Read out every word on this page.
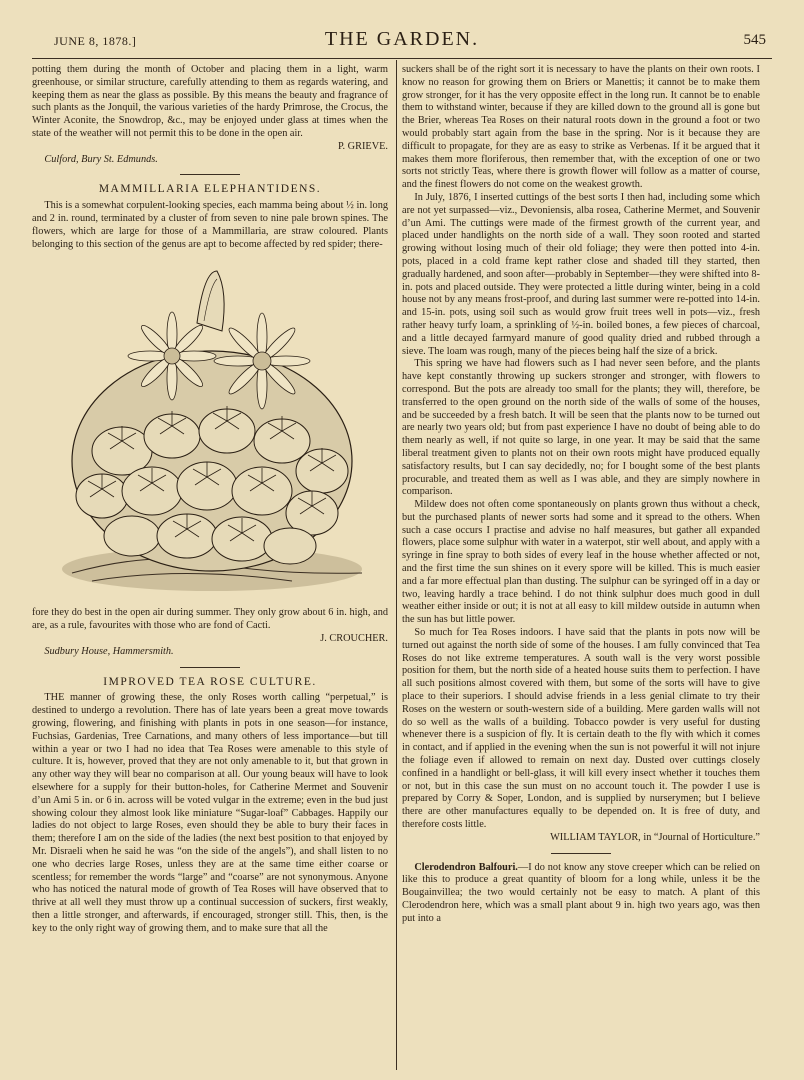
JUNE 8, 1878.]	THE GARDEN.	545

potting them during the month of October and placing them in a light, warm greenhouse, or similar structure, carefully attending to them as regards watering, and keeping them as near the glass as possible. By this means the beauty and fragrance of such plants as the Jonquil, the various varieties of the hardy Primrose, the Crocus, the Winter Aconite, the Snowdrop, &c., may be enjoyed under glass at times when the state of the weather will not permit this to be done in the open air.

P. GRIEVE.

Culford, Bury St. Edmunds.

MAMMILLARIA ELEPHANTIDENS.

This is a somewhat corpulent-looking species, each mamma being about ½ in. long and 2 in. round, terminated by a cluster of from seven to nine pale brown spines. The flowers, which are large for those of a Mammillaria, are straw coloured. Plants belonging to this section of the genus are apt to become affected by red spider; there-

fore they do best in the open air during summer. They only grow about 6 in. high, and are, as a rule, favourites with those who are fond of Cacti.

J. CROUCHER.

Sudbury House, Hammersmith.

IMPROVED TEA ROSE CULTURE.

THE manner of growing these, the only Roses worth calling “perpetual,” is destined to undergo a revolution. There has of late years been a great move towards growing, flowering, and finishing with plants in pots in one season—for instance, Fuchsias, Gardenias, Tree Carnations, and many others of less importance—but till within a year or two I had no idea that Tea Roses were amenable to this style of culture. It is, however, proved that they are not only amenable to it, but that grown in any other way they will bear no comparison at all. Our young beaux will have to look elsewhere for a supply for their button-holes, for Catherine Mermet and Souvenir d’un Ami 5 in. or 6 in. across will be voted vulgar in the extreme; even in the bud just showing colour they almost look like miniature “Sugar-loaf” Cabbages. Happily our ladies do not object to large Roses, even should they be able to bury their faces in them; therefore I am on the side of the ladies (the next best position to that enjoyed by Mr. Disraeli when he said he was “on the side of the angels”), and shall listen to no one who decries large Roses, unless they are at the same time either coarse or scentless; for remember the words “large” and “coarse” are not synonymous. Anyone who has noticed the natural mode of growth of Tea Roses will have observed that to thrive at all well they must throw up a continual succession of suckers, first weakly, then a little stronger, and afterwards, if encouraged, stronger still. This, then, is the key to the only right way of growing them, and to make sure that all the

suckers shall be of the right sort it is necessary to have the plants on their own roots. I know no reason for growing them on Briers or Manettis; it cannot be to make them grow stronger, for it has the very opposite effect in the long run. It cannot be to enable them to withstand winter, because if they are killed down to the ground all is gone but the Brier, whereas Tea Roses on their natural roots down in the ground a foot or two would probably start again from the base in the spring. Nor is it because they are difficult to propagate, for they are as easy to strike as Verbenas. If it be argued that it makes them more floriferous, then remember that, with the exception of one or two sorts not strictly Teas, where there is growth flower will follow as a matter of course, and the finest flowers do not come on the weakest growth.

In July, 1876, I inserted cuttings of the best sorts I then had, including some which are not yet surpassed—viz., Devoniensis, alba rosea, Catherine Mermet, and Souvenir d’un Ami. The cuttings were made of the firmest growth of the current year, and placed under handlights on the north side of a wall. They soon rooted and started growing without losing much of their old foliage; they were then potted into 4-in. pots, placed in a cold frame kept rather close and shaded till they started, then gradually hardened, and soon after—probably in September—they were shifted into 8-in. pots and placed outside. They were protected a little during winter, being in a cold house not by any means frost-proof, and during last summer were re-potted into 14-in. and 15-in. pots, using soil such as would grow fruit trees well in pots—viz., fresh rather heavy turfy loam, a sprinkling of ½-in. boiled bones, a few pieces of charcoal, and a little decayed farmyard manure of good quality dried and rubbed through a sieve. The loam was rough, many of the pieces being half the size of a brick.

This spring we have had flowers such as I had never seen before, and the plants have kept constantly throwing up suckers stronger and stronger, with flowers to correspond. But the pots are already too small for the plants; they will, therefore, be transferred to the open ground on the north side of the walls of some of the houses, and be succeeded by a fresh batch. It will be seen that the plants now to be turned out are nearly two years old; but from past experience I have no doubt of being able to do them nearly as well, if not quite so large, in one year. It may be said that the same liberal treatment given to plants not on their own roots might have produced equally satisfactory results, but I can say decidedly, no; for I bought some of the best plants procurable, and treated them as well as I was able, and they are simply nowhere in comparison.

Mildew does not often come spontaneously on plants grown thus without a check, but the purchased plants of newer sorts had some and it spread to the others. When such a case occurs I practise and advise no half measures, but gather all expanded flowers, place some sulphur with water in a waterpot, stir well about, and apply with a syringe in fine spray to both sides of every leaf in the house whether affected or not, and the first time the sun shines on it every spore will be killed. This is much easier and a far more effectual plan than dusting. The sulphur can be syringed off in a day or two, leaving hardly a trace behind. I do not think sulphur does much good in dull weather either inside or out; it is not at all easy to kill mildew outside in autumn when the sun has but little power.

So much for Tea Roses indoors. I have said that the plants in pots now will be turned out against the north side of some of the houses. I am fully convinced that Tea Roses do not like extreme temperatures. A south wall is the very worst possible position for them, but the north side of a heated house suits them to perfection. I have all such positions almost covered with them, but some of the sorts will have to give place to their superiors. I should advise friends in a less genial climate to try their Roses on the western or south-western side of a building. Mere garden walls will not do so well as the walls of a building. Tobacco powder is very useful for dusting whenever there is a suspicion of fly. It is certain death to the fly with which it comes in contact, and if applied in the evening when the sun is not powerful it will not injure the foliage even if allowed to remain on next day. Dusted over cuttings closely confined in a handlight or bell-glass, it will kill every insect whether it touches them or not, but in this case the sun must on no account touch it. The powder I use is prepared by Corry & Soper, London, and is supplied by nurserymen; but I believe there are other manufactures equally to be depended on. It is free of duty, and therefore costs little.

WILLIAM TAYLOR, in “Journal of Horticulture.”

Clerodendron Balfouri.—I do not know any stove creeper which can be relied on like this to produce a great quantity of bloom for a long while, unless it be the Bougainvillea; the two would certainly not be easy to match. A plant of this Clerodendron here, which was a small plant about 9 in. high two years ago, was then put into a
